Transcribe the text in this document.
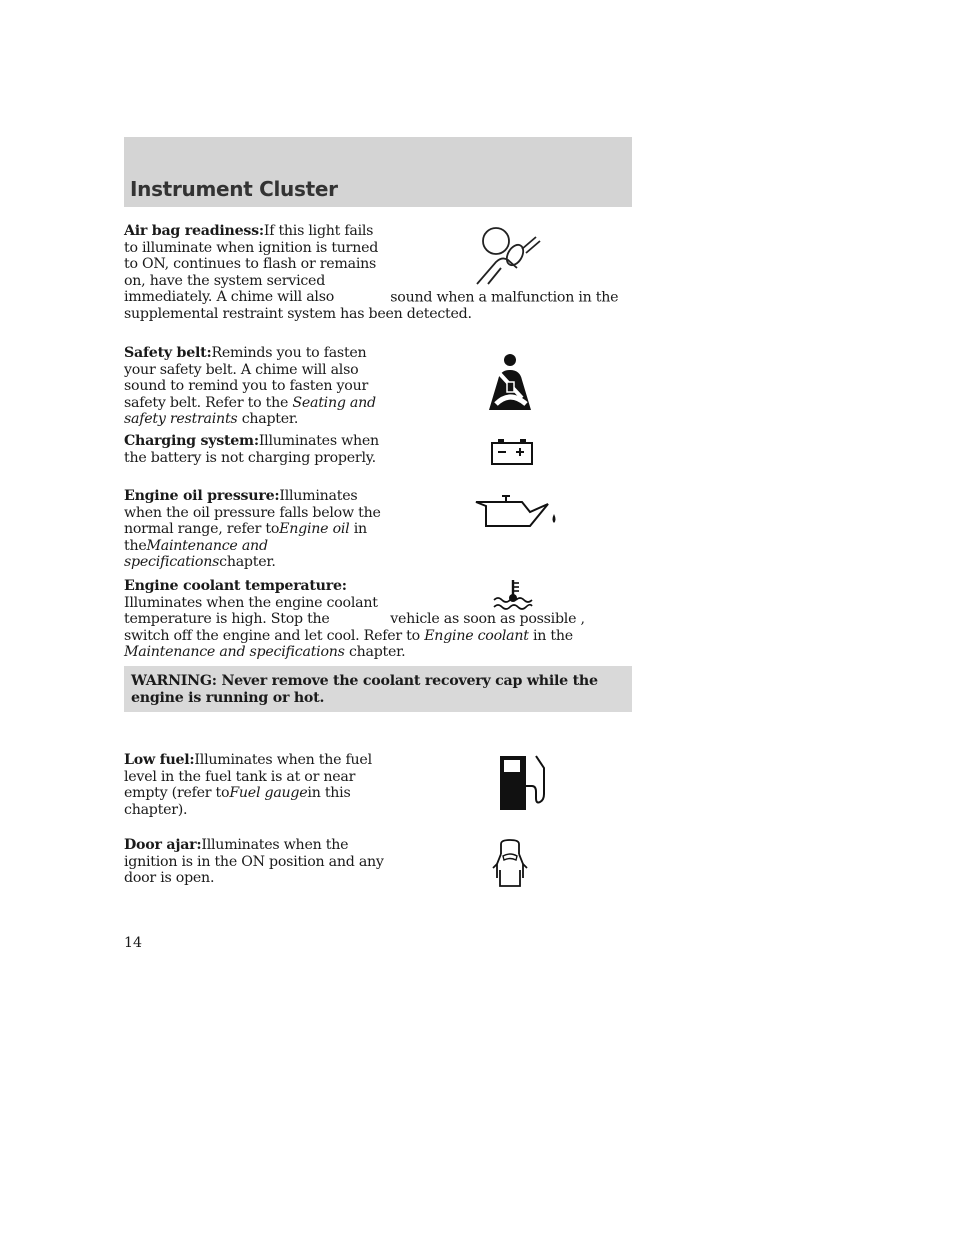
Instrument Cluster
Air bag readiness:If this light fails to illuminate when ignition is turned to ON, continues to flash or remains on, have the system serviced immediately. A chime will also	sound when a malfunction in the supplemental restraint system has been detected.
Safety belt:Reminds you to fasten your safety belt. A chime will also sound to remind you to fasten your safety belt. Refer to the Seating and safety restraints chapter.
Charging system:Illuminates when the battery is not charging properly.
Engine oil pressure:Illuminates when the oil pressure falls below the normal range, refer toEngine oil in theMaintenance and specificationschapter.
Engine coolant temperature: Illuminates when the engine coolant temperature is high. Stop the	vehicle as soon as possible , switch off the engine and let cool. Refer to Engine coolant in the Maintenance and specifications chapter.

WARNING: Never remove the coolant recovery cap while the engine is running or hot.

Low fuel:Illuminates when the fuel level in the fuel tank is at or near empty (refer toFuel gaugein this chapter).
Door ajar:Illuminates when the ignition is in the ON position and any door is open.
14
